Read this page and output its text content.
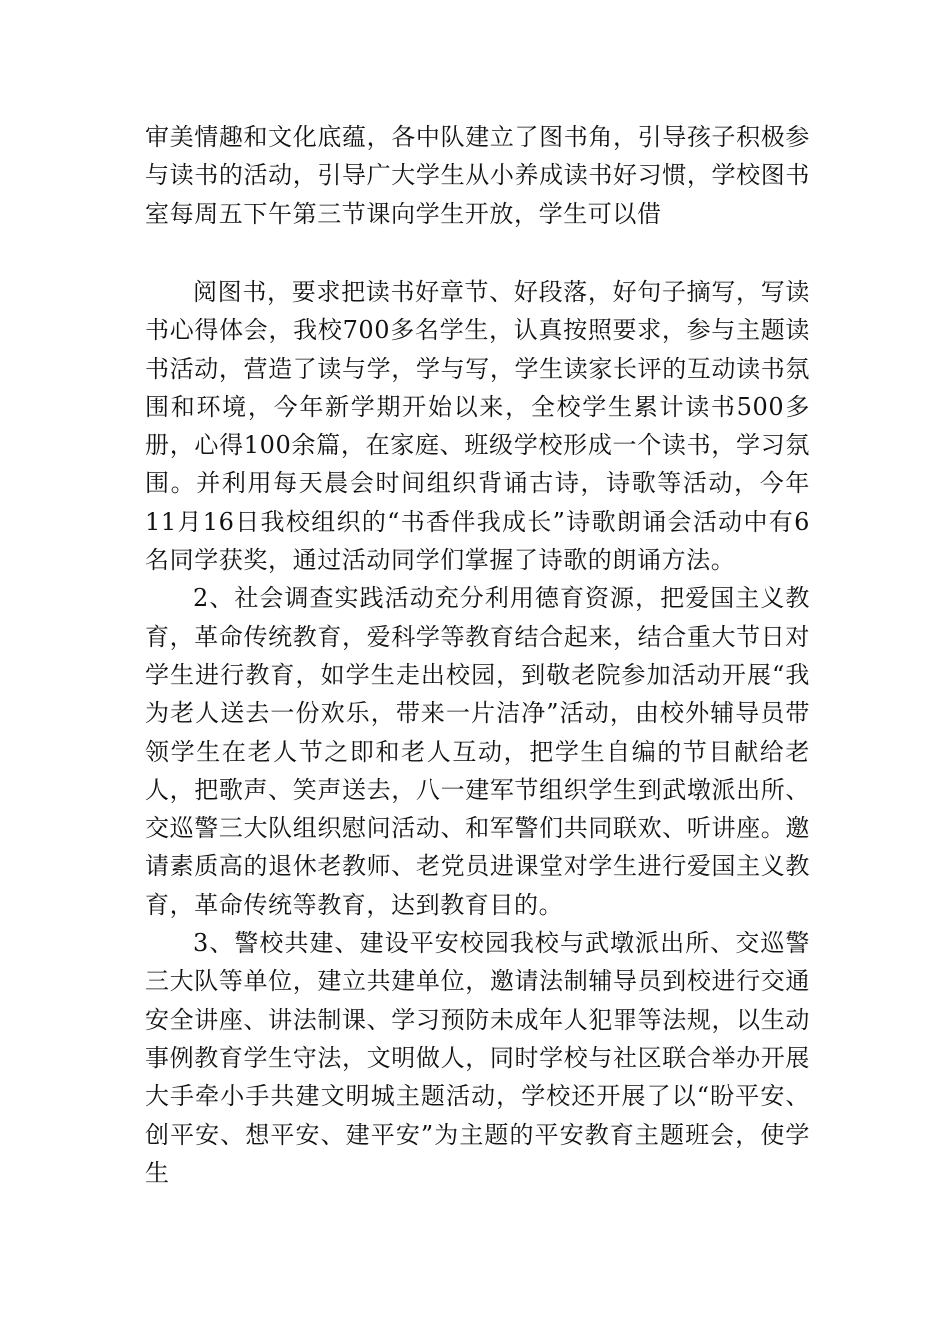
审美情趣和文化底蕴，各中队建立了图书角，引导孩子积极参与读书的活动，引导广大学生从小养成读书好习惯，学校图书室每周五下午第三节课向学生开放，学生可以借

阅图书，要求把读书好章节、好段落，好句子摘写，写读书心得体会，我校700多名学生，认真按照要求，参与主题读书活动，营造了读与学，学与写，学生读家长评的互动读书氛围和环境，今年新学期开始以来，全校学生累计读书500多册，心得100余篇，在家庭、班级学校形成一个读书，学习氛围。并利用每天晨会时间组织背诵古诗，诗歌等活动，今年11月16日我校组织的“书香伴我成长”诗歌朗诵会活动中有6名同学获奖，通过活动同学们掌握了诗歌的朗诵方法。

2、社会调查实践活动充分利用德育资源，把爱国主义教育，革命传统教育，爱科学等教育结合起来，结合重大节日对学生进行教育，如学生走出校园，到敬老院参加活动开展“我为老人送去一份欢乐，带来一片洁净”活动，由校外辅导员带领学生在老人节之即和老人互动，把学生自编的节目献给老人，把歌声、笑声送去，八一建军节组织学生到武墩派出所、交巡警三大队组织慰问活动、和军警们共同联欢、听讲座。邀请素质高的退休老教师、老党员进课堂对学生进行爱国主义教育，革命传统等教育，达到教育目的。

3、警校共建、建设平安校园我校与武墩派出所、交巡警三大队等单位，建立共建单位，邀请法制辅导员到校进行交通安全讲座、讲法制课、学习预防未成年人犯罪等法规，以生动事例教育学生守法，文明做人，同时学校与社区联合举办开展大手牵小手共建文明城主题活动，学校还开展了以“盼平安、创平安、想平安、建平安”为主题的平安教育主题班会，使学生
